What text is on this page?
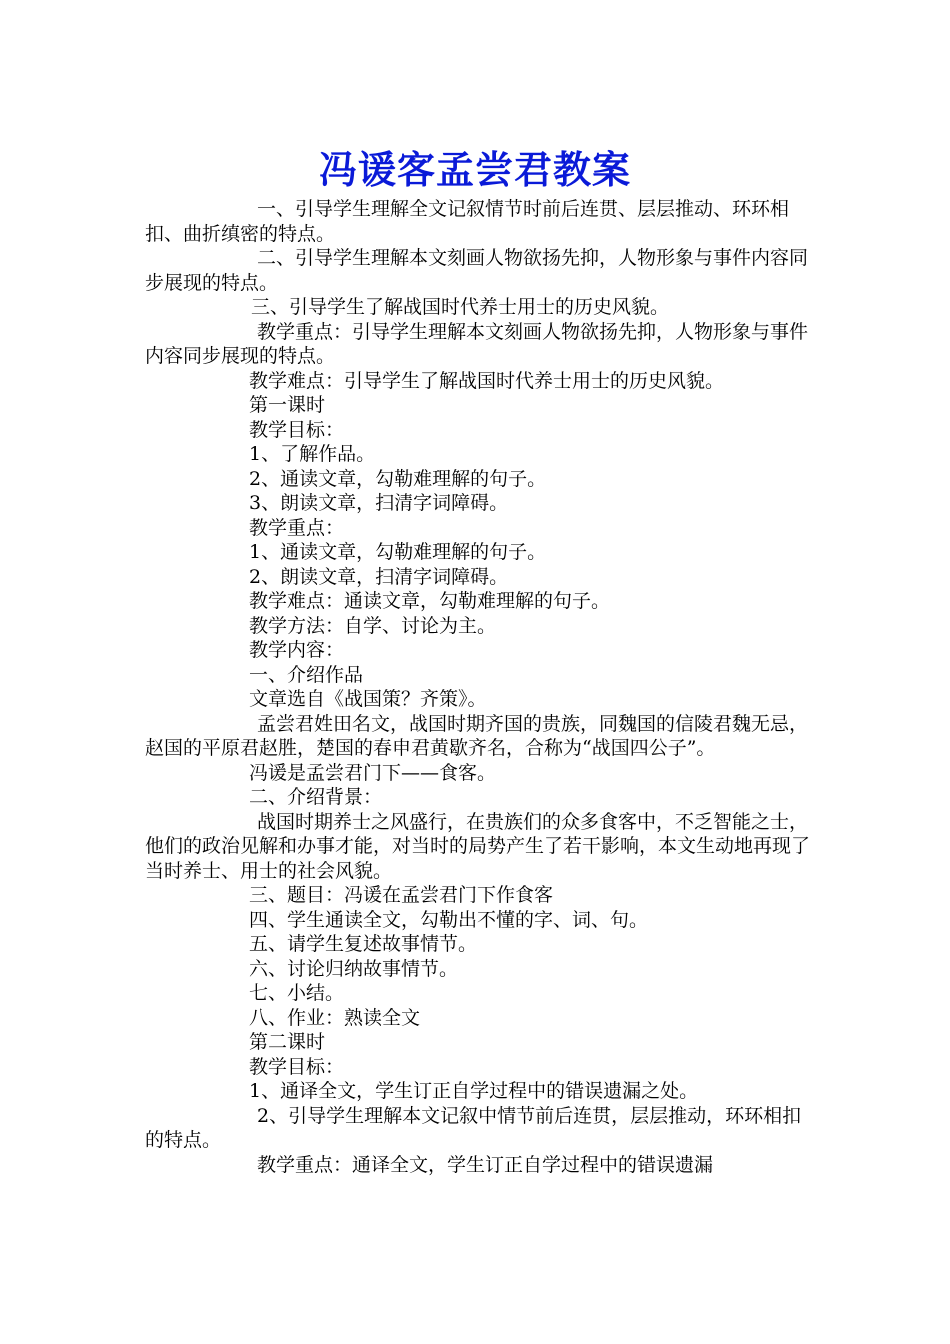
冯谖客孟尝君教案

一、引导学生理解全文记叙情节时前后连贯、层层推动、环环相扣、曲折缜密的特点。

二、引导学生理解本文刻画人物欲扬先抑，人物形象与事件内容同步展现的特点。

三、引导学生了解战国时代养士用士的历史风貌。

教学重点：引导学生理解本文刻画人物欲扬先抑，人物形象与事件内容同步展现的特点。

教学难点：引导学生了解战国时代养士用士的历史风貌。

第一课时

教学目标：

1、了解作品。

2、通读文章，勾勒难理解的句子。

3、朗读文章，扫清字词障碍。

教学重点：

1、通读文章，勾勒难理解的句子。

2、朗读文章，扫清字词障碍。

教学难点：通读文章，勾勒难理解的句子。

教学方法：自学、讨论为主。

教学内容：

一、介绍作品

文章选自《战国策？齐策》。

孟尝君姓田名文，战国时期齐国的贵族，同魏国的信陵君魏无忌，赵国的平原君赵胜，楚国的春申君黄歇齐名，合称为“战国四公子”。

冯谖是孟尝君门下——食客。

二、介绍背景：

战国时期养士之风盛行，在贵族们的众多食客中，不乏智能之士，他们的政治见解和办事才能，对当时的局势产生了若干影响，本文生动地再现了当时养士、用士的社会风貌。

三、题目：冯谖在孟尝君门下作食客

四、学生通读全文，勾勒出不懂的字、词、句。

五、请学生复述故事情节。

六、讨论归纳故事情节。

七、小结。

八、作业：熟读全文

第二课时

教学目标：

1、通译全文，学生订正自学过程中的错误遗漏之处。

2、引导学生理解本文记叙中情节前后连贯，层层推动，环环相扣的特点。

教学重点：通译全文，学生订正自学过程中的错误遗漏
